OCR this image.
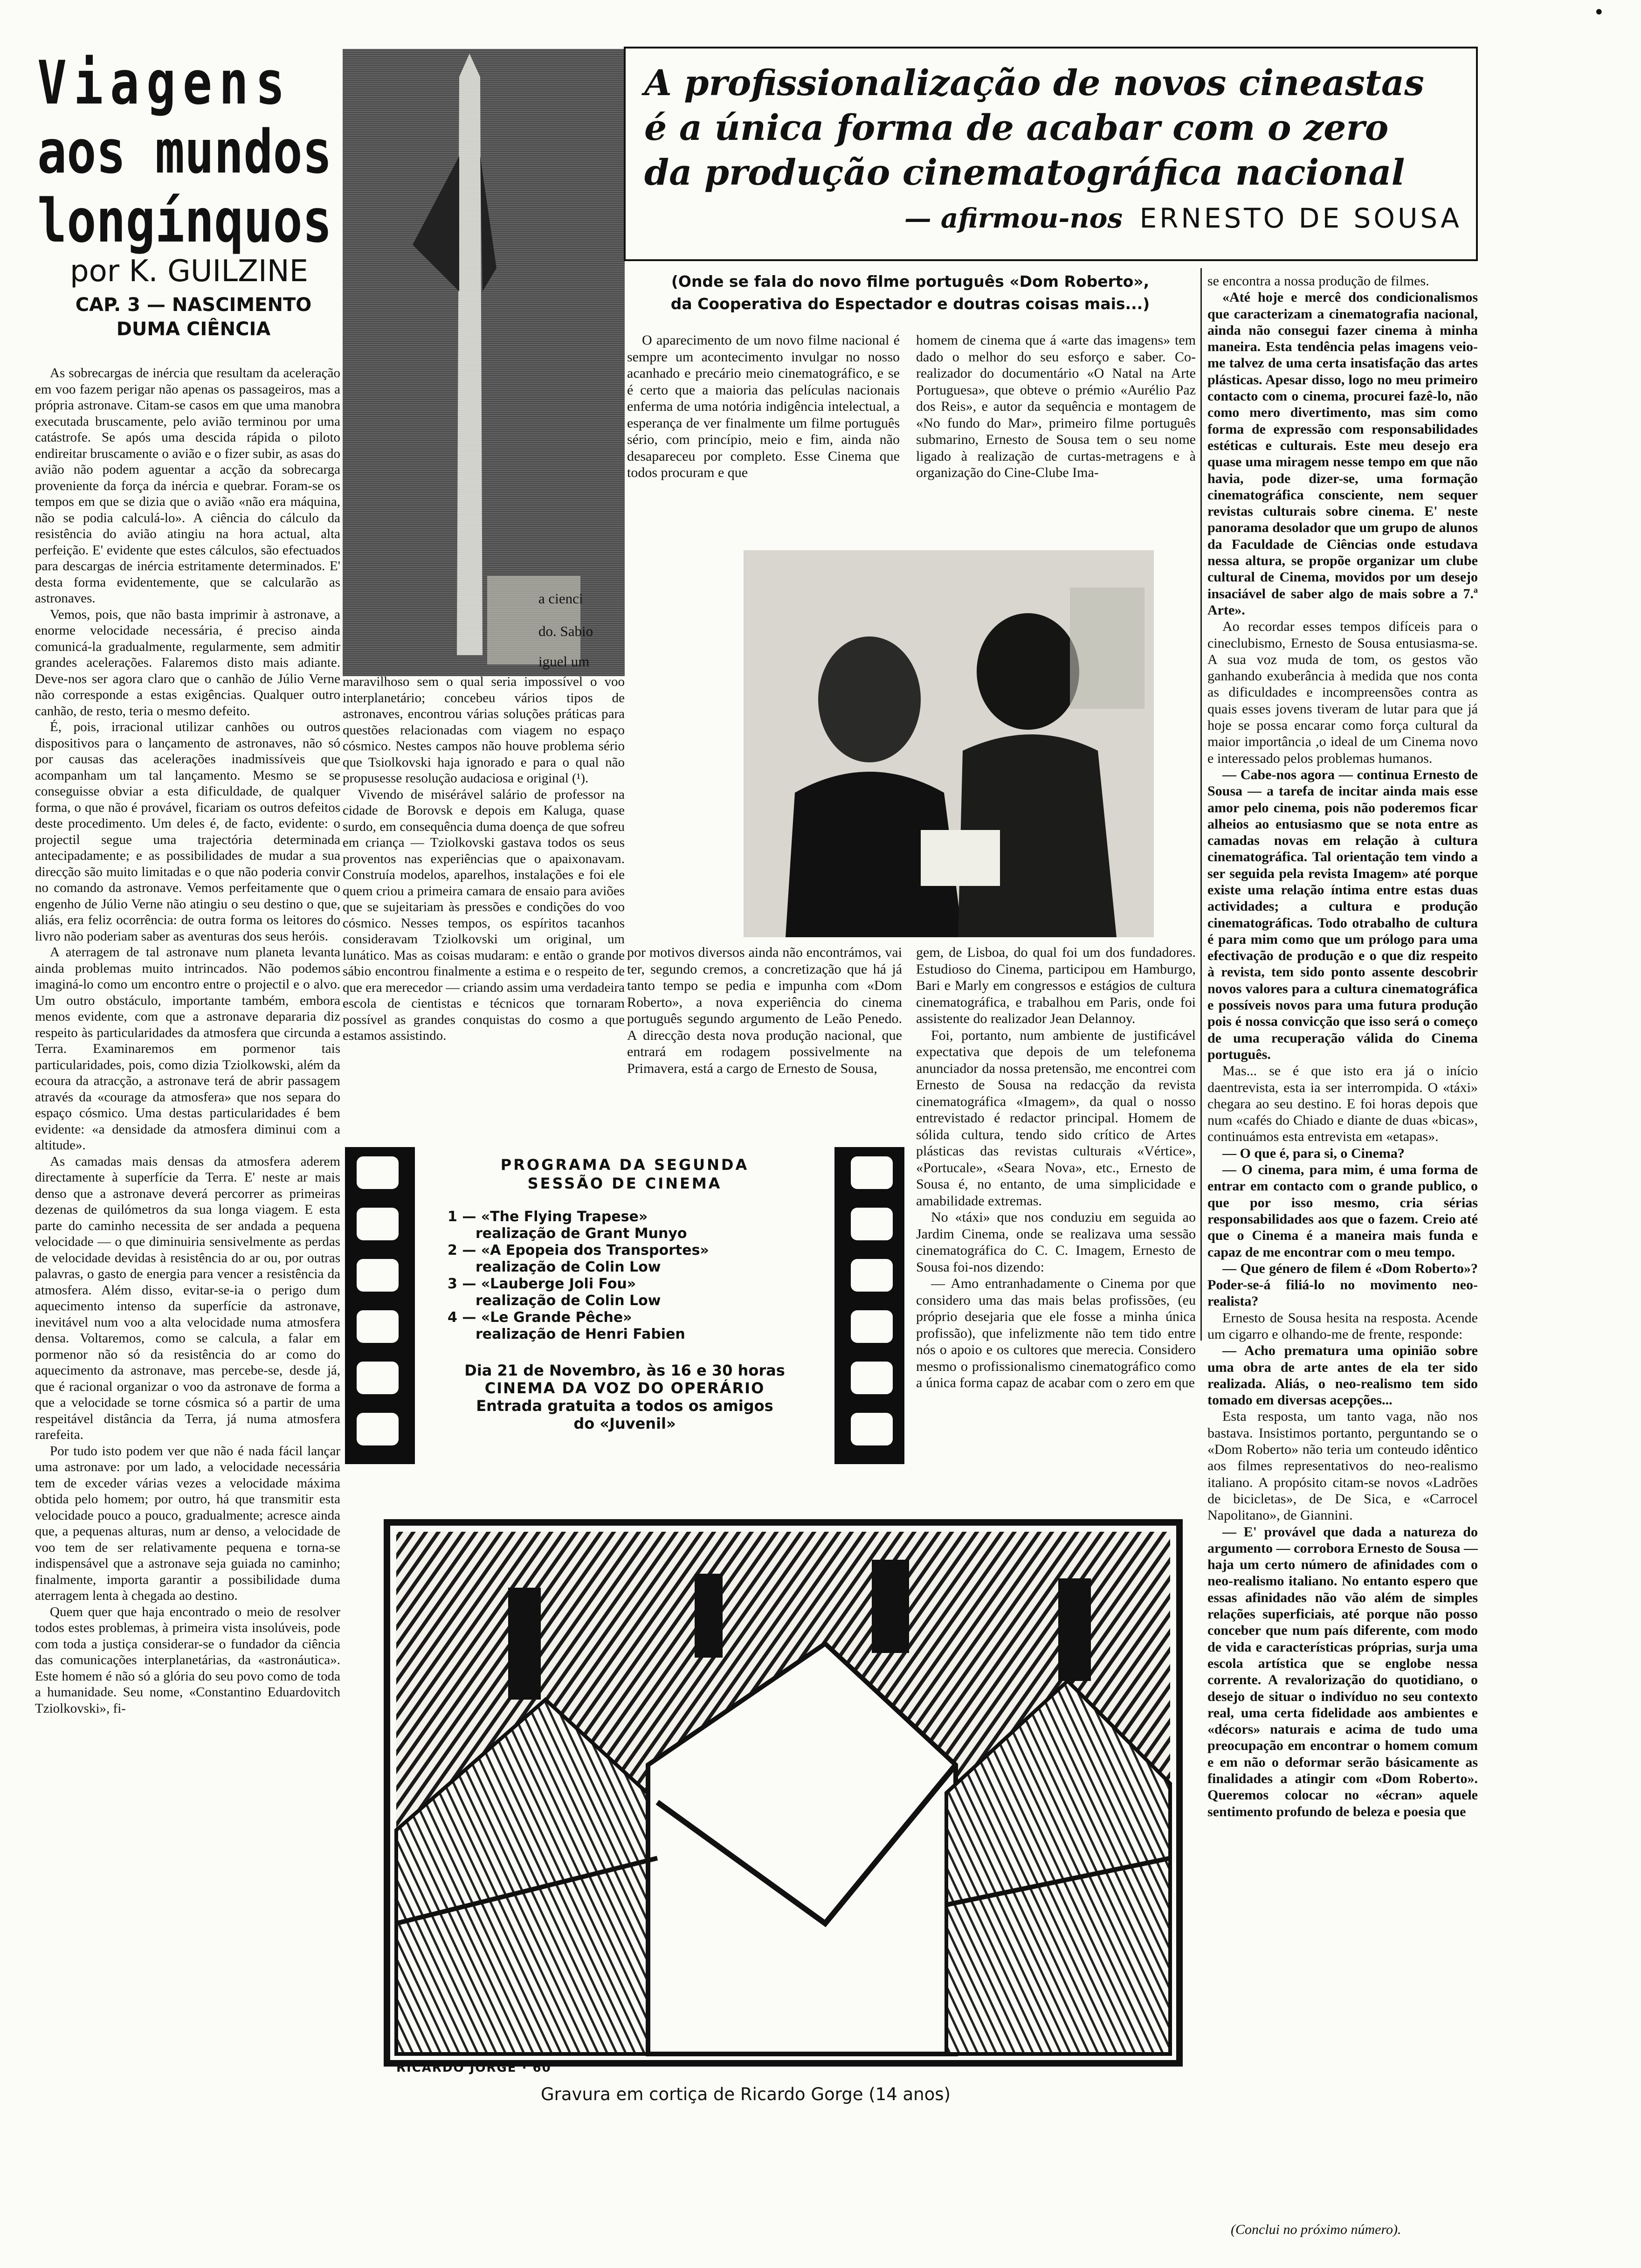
•
Viagens
aos mundos
longínquos
por K. GUILZINE
CAP. 3 — NASCIMENTO
DUMA CIÊNCIA
a cienci
do. Sabio
iguel um

As sobrecargas de inércia que resultam da aceleração em voo fazem perigar não apenas os passageiros, mas a própria astronave. Citam-se casos em que uma manobra executada bruscamente, pelo avião terminou por uma catástrofe. Se após uma descida rápida o piloto endireitar bruscamente o avião e o fizer subir, as asas do avião não podem aguentar a acção da sobrecarga proveniente da força da inércia e quebrar. Foram-se os tempos em que se dizia que o avião «não era máquina, não se podia calculá-lo». A ciência do cálculo da resistência do avião atingiu na hora actual, alta perfeição. E' evidente que estes cálculos, são efectuados para descargas de inércia estritamente determinados. E' desta forma evidentemente, que se calcularão as astronaves.

Vemos, pois, que não basta imprimir à astronave, a enorme velocidade necessária, é preciso ainda comunicá-la gradualmente, regularmente, sem admitir grandes acelerações. Falaremos disto mais adiante. Deve-nos ser agora claro que o canhão de Júlio Verne não corresponde a estas exigências. Qualquer outro canhão, de resto, teria o mesmo defeito.

É, pois, irracional utilizar canhões ou outros dispositivos para o lançamento de astronaves, não só por causas das acelerações inadmissíveis que acompanham um tal lançamento. Mesmo se se conseguisse obviar a esta dificuldade, de qualquer forma, o que não é provável, ficariam os outros defeitos deste procedimento. Um deles é, de facto, evidente: o projectil segue uma trajectória determinada antecipadamente; e as possibilidades de mudar a sua direcção são muito limitadas e o que não poderia convir no comando da astronave. Vemos perfeitamente que o engenho de Júlio Verne não atingiu o seu destino o que, aliás, era feliz ocorrência: de outra forma os leitores do livro não poderiam saber as aventuras dos seus heróis.

A aterragem de tal astronave num planeta levanta ainda problemas muito intrincados. Não podemos imaginá-lo como um encontro entre o projectil e o alvo. Um outro obstáculo, importante também, embora menos evidente, com que a astronave depararia diz respeito às particularidades da atmosfera que circunda a Terra. Examinaremos em pormenor tais particularidades, pois, como dizia Tziolkowski, além da ecoura da atracção, a astronave terá de abrir passagem através da «courage da atmosfera» que nos separa do espaço cósmico. Uma destas particularidades é bem evidente: «a densidade da atmosfera diminui com a altitude».

As camadas mais densas da atmosfera aderem directamente à superfície da Terra. E' neste ar mais denso que a astronave deverá percorrer as primeiras dezenas de quilómetros da sua longa viagem. E esta parte do caminho necessita de ser andada a pequena velocidade — o que diminuiria sensivelmente as perdas de velocidade devidas à resistência do ar ou, por outras palavras, o gasto de energia para vencer a resistência da atmosfera. Além disso, evitar-se-ia o perigo dum aquecimento intenso da superfície da astronave, inevitável num voo a alta velocidade numa atmosfera densa. Voltaremos, como se calcula, a falar em pormenor não só da resistência do ar como do aquecimento da astronave, mas percebe-se, desde já, que é racional organizar o voo da astronave de forma a que a velocidade se torne cósmica só a partir de uma respeitável distância da Terra, já numa atmosfera rarefeita.

Por tudo isto podem ver que não é nada fácil lançar uma astronave: por um lado, a velocidade necessária tem de exceder várias vezes a velocidade máxima obtida pelo homem; por outro, há que transmitir esta velocidade pouco a pouco, gradualmente; acresce ainda que, a pequenas alturas, num ar denso, a velocidade de voo tem de ser relativamente pequena e torna-se indispensável que a astronave seja guiada no caminho; finalmente, importa garantir a possibilidade duma aterragem lenta à chegada ao destino.

Quem quer que haja encontrado o meio de resolver todos estes problemas, à primeira vista insolúveis, pode com toda a justiça considerar-se o fundador da ciência das comunicações interplanetárias, da «astronáutica». Este homem é não só a glória do seu povo como de toda a humanidade. Seu nome, «Constantino Eduardovitch Tziolkovski», fi-

maravilhoso sem o qual seria impossível o voo interplanetário; concebeu vários tipos de astronaves, encontrou várias soluções práticas para questões relacionadas com viagem no espaço cósmico. Nestes campos não houve problema sério que Tsiolkovski haja ignorado e para o qual não propusesse resolução audaciosa e original (¹).

Vivendo de misérável salário de professor na cidade de Borovsk e depois em Kaluga, quase surdo, em consequência duma doença de que sofreu em criança — Tziolkovski gastava todos os seus proventos nas experiências que o apaixonavam. Construía modelos, aparelhos, instalações e foi ele quem criou a primeira camara de ensaio para aviões que se sujeitariam às pressões e condições do voo cósmico. Nesses tempos, os espíritos tacanhos consideravam Tziolkovski um original, um lunático. Mas as coisas mudaram: e então o grande sábio encontrou finalmente a estima e o respeito de que era merecedor — criando assim uma verdadeira escola de cientistas e técnicos que tornaram possível as grandes conquistas do cosmo a que estamos assistindo.

A profissionalização de novos cineastas
é a única forma de acabar com o zero
da produção cinematográfica nacional
— afirmou-nos ERNESTO DE SOUSA
(Onde se fala do novo filme português «Dom Roberto»,
da Cooperativa do Espectador e doutras coisas mais...)

O aparecimento de um novo filme nacional é sempre um acontecimento invulgar no nosso acanhado e precário meio cinematográfico, e se é certo que a maioria das películas nacionais enferma de uma notória indigência intelectual, a esperança de ver finalmente um filme português sério, com princípio, meio e fim, ainda não desapareceu por completo. Esse Cinema que todos procuram e que

homem de cinema que á «arte das imagens» tem dado o melhor do seu esforço e saber. Co-realizador do documentário «O Natal na Arte Portuguesa», que obteve o prémio «Aurélio Paz dos Reis», e autor da sequência e montagem de «No fundo do Mar», primeiro filme português submarino, Ernesto de Sousa tem o seu nome ligado à realização de curtas-metragens e à organização do Cine-Clube Ima-

por motivos diversos ainda não encontrámos, vai ter, segundo cremos, a concretização que há já tanto tempo se pedia e impunha com «Dom Roberto», a nova experiência do cinema português segundo argumento de Leão Penedo. A direcção desta nova produção nacional, que entrará em rodagem possivelmente na Primavera, está a cargo de Ernesto de Sousa,

gem, de Lisboa, do qual foi um dos fundadores. Estudioso do Cinema, participou em Hamburgo, Bari e Marly em congressos e estágios de cultura cinematográfica, e trabalhou em Paris, onde foi assistente do realizador Jean Delannoy.

Foi, portanto, num ambiente de justificável expectativa que depois de um telefonema anunciador da nossa pretensão, me encontrei com Ernesto de Sousa na redacção da revista cinematográfica «Imagem», da qual o nosso entrevistado é redactor principal. Homem de sólida cultura, tendo sido crítico de Artes plásticas das revistas culturais «Vértice», «Portucale», «Seara Nova», etc., Ernesto de Sousa é, no entanto, de uma simplicidade e amabilidade extremas.

No «táxi» que nos conduziu em seguida ao Jardim Cinema, onde se realizava uma sessão cinematográfica do C. C. Imagem, Ernesto de Sousa foi-nos dizendo:

— Amo entranhadamente o Cinema por que considero uma das mais belas profissões, (eu próprio desejaria que ele fosse a minha única profissão), que infelizmente não tem tido entre nós o apoio e os cultores que merecia. Considero mesmo o profissionalismo cinematográfico como a única forma capaz de acabar com o zero em que

se encontra a nossa produção de filmes.

«Até hoje e mercê dos condicionalismos que caracterizam a cinematografia nacional, ainda não consegui fazer cinema à minha maneira. Esta tendência pelas imagens veio-me talvez de uma certa insatisfação das artes plásticas. Apesar disso, logo no meu primeiro contacto com o cinema, procurei fazê-lo, não como mero divertimento, mas sim como forma de expressão com responsabilidades estéticas e culturais. Este meu desejo era quase uma miragem nesse tempo em que não havia, pode dizer-se, uma formação cinematográfica consciente, nem sequer revistas culturais sobre cinema. E' neste panorama desolador que um grupo de alunos da Faculdade de Ciências onde estudava nessa altura, se propõe organizar um clube cultural de Cinema, movidos por um desejo insaciável de saber algo de mais sobre a 7.ª Arte».

Ao recordar esses tempos difíceis para o cineclubismo, Ernesto de Sousa entusiasma-se. A sua voz muda de tom, os gestos vão ganhando exuberância à medida que nos conta as dificuldades e incompreensões contra as quais esses jovens tiveram de lutar para que já hoje se possa encarar como força cultural da maior importância ,o ideal de um Cinema novo e interessado pelos problemas humanos.

— Cabe-nos agora — continua Ernesto de Sousa — a tarefa de incitar ainda mais esse amor pelo cinema, pois não poderemos ficar alheios ao entusiasmo que se nota entre as camadas novas em relação à cultura cinematográfica. Tal orientação tem vindo a ser seguida pela revista Imagem» até porque existe uma relação íntima entre estas duas actividades; a cultura e produção cinematográficas. Todo otrabalho de cultura é para mim como que um prólogo para uma efectivação de produção e o que diz respeito à revista, tem sido ponto assente descobrir novos valores para a cultura cinematográfica e possíveis novos para uma futura produção pois é nossa convicção que isso será o começo de uma recuperação válida do Cinema português.

Mas... se é que isto era já o início daentrevista, esta ia ser interrompida. O «táxi» chegara ao seu destino. E foi horas depois que num «cafés do Chiado e diante de duas «bicas», continuámos esta entrevista em «etapas».

— O que é, para si, o Cinema?

— O cinema, para mim, é uma forma de entrar em contacto com o grande publico, o que por isso mesmo, cria sérias responsabilidades aos que o fazem. Creio até que o Cinema é a maneira mais funda e capaz de me encontrar com o meu tempo.

— Que género de filem é «Dom Roberto»? Poder-se-á filiá-lo no movimento neo-realista?

Ernesto de Sousa hesita na resposta. Acende um cigarro e olhando-me de frente, responde:

— Acho prematura uma opinião sobre uma obra de arte antes de ela ter sido realizada. Aliás, o neo-realismo tem sido tomado em diversas acepções...

Esta resposta, um tanto vaga, não nos bastava. Insistimos portanto, perguntando se o «Dom Roberto» não teria um conteudo idêntico aos filmes representativos do neo-realismo italiano. A propósito citam-se novos «Ladrões de bicicletas», de De Sica, e «Carrocel Napolitano», de Giannini.

— E' provável que dada a natureza do argumento — corrobora Ernesto de Sousa — haja um certo número de afinidades com o neo-realismo italiano. No entanto espero que essas afinidades não vão além de simples relações superficiais, até porque não posso conceber que num país diferente, com modo de vida e características próprias, surja uma escola artística que se englobe nessa corrente. A revalorização do quotidiano, o desejo de situar o indivíduo no seu contexto real, uma certa fidelidade aos ambientes e «décors» naturais e acima de tudo uma preocupação em encontrar o homem comum e em não o deformar serão básicamente as finalidades a atingir com «Dom Roberto». Queremos colocar no «écran» aquele sentimento profundo de beleza e poesia que

(Conclui no próximo número).
PROGRAMA DA SEGUNDA
SESSÃO DE CINEMA
1 — «The Flying Trapese»
realização de Grant Munyo
2 — «A Epopeia dos Transportes»
realização de Colin Low
3 — «Lauberge Joli Fou»
realização de Colin Low
4 — «Le Grande Pêche»
realização de Henri Fabien
Dia 21 de Novembro, às 16 e 30 horas
CINEMA DA VOZ DO OPERÁRIO
Entrada gratuita a todos os amigos
do «Juvenil»
RICARDO JORGE · 60
Gravura em cortiça de Ricardo Gorge (14 anos)
